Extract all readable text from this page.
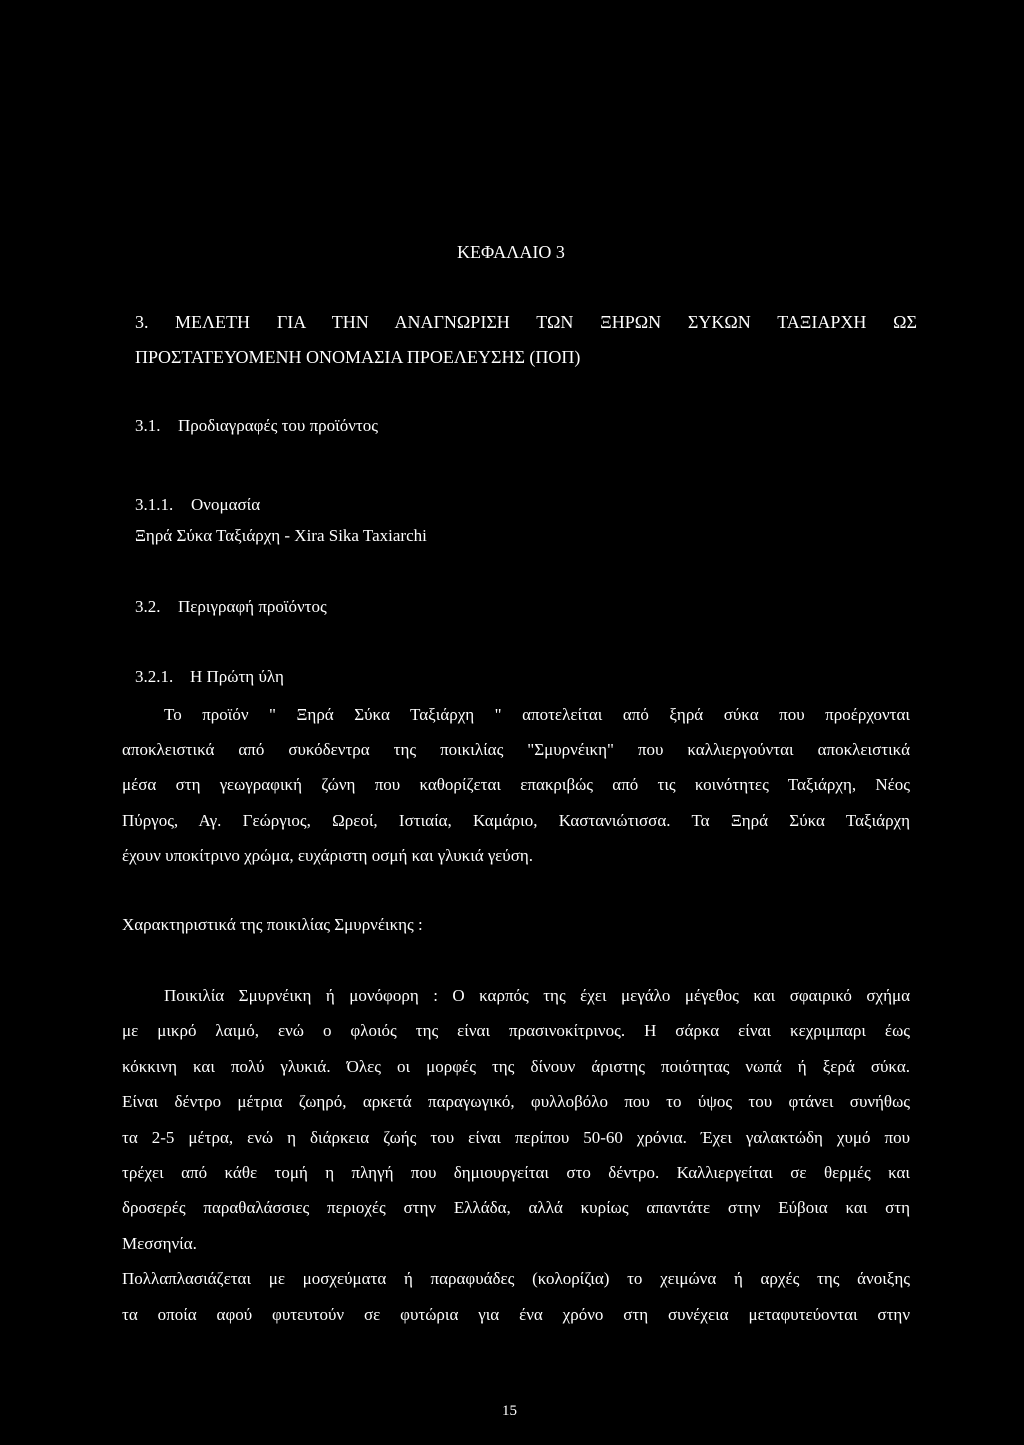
ΚΕΦΑΛΑΙΟ 3
3. ΜΕΛΕΤΗ ΓΙΑ ΤΗΝ ΑΝΑΓΝΩΡΙΣΗ ΤΩΝ ΞΗΡΩΝ ΣΥΚΩΝ ΤΑΞΙΑΡΧΗ ΩΣ
ΠΡΟΣΤΑΤΕΥΟΜΕΝΗ ΟΝΟΜΑΣΙΑ ΠΡΟΕΛΕΥΣΗΣ (ΠΟΠ)
3.1. Προδιαγραφές του προϊόντος
3.1.1. Ονομασία
Ξηρά Σύκα Ταξιάρχη - Xira Sika Taxiarchi
3.2. Περιγραφή προϊόντος
3.2.1. Η Πρώτη ύλη
Το προϊόν " Ξηρά Σύκα Ταξιάρχη " αποτελείται από ξηρά σύκα που προέρχονται
αποκλειστικά από συκόδεντρα της ποικιλίας "Σμυρνέικη" που καλλιεργούνται αποκλειστικά
μέσα στη γεωγραφική ζώνη που καθορίζεται επακριβώς από τις κοινότητες Ταξιάρχη, Νέος
Πύργος, Αγ. Γεώργιος, Ωρεοί, Ιστιαία, Καμάριο, Καστανιώτισσα. Τα Ξηρά Σύκα Ταξιάρχη
έχουν υποκίτρινο χρώμα, ευχάριστη οσμή και γλυκιά γεύση.
Χαρακτηριστικά της ποικιλίας Σμυρνέικης :
Ποικιλία Σμυρνέικη ή μονόφορη : Ο καρπός της έχει μεγάλο μέγεθος και σφαιρικό σχήμα
με μικρό λαιμό, ενώ ο φλοιός της είναι πρασινοκίτρινος. Η σάρκα είναι κεχριμπαρι έως
κόκκινη και πολύ γλυκιά. Όλες οι μορφές της δίνουν άριστης ποιότητας νωπά ή ξερά σύκα.
Είναι δέντρο μέτρια ζωηρό, αρκετά παραγωγικό, φυλλοβόλο που το ύψος του φτάνει συνήθως
τα 2-5 μέτρα, ενώ η διάρκεια ζωής του είναι περίπου 50-60 χρόνια. Έχει γαλακτώδη χυμό που
τρέχει από κάθε τομή η πληγή που δημιουργείται στο δέντρο. Καλλιεργείται σε θερμές και
δροσερές παραθαλάσσιες περιοχές στην Ελλάδα, αλλά κυρίως απαντάτε στην Εύβοια και στη
Μεσσηνία.
Πολλαπλασιάζεται με μοσχεύματα ή παραφυάδες (κολορίζια) το χειμώνα ή αρχές της άνοιξης
τα οποία αφού φυτευτούν σε φυτώρια για ένα χρόνο στη συνέχεια μεταφυτεύονται στην
15
